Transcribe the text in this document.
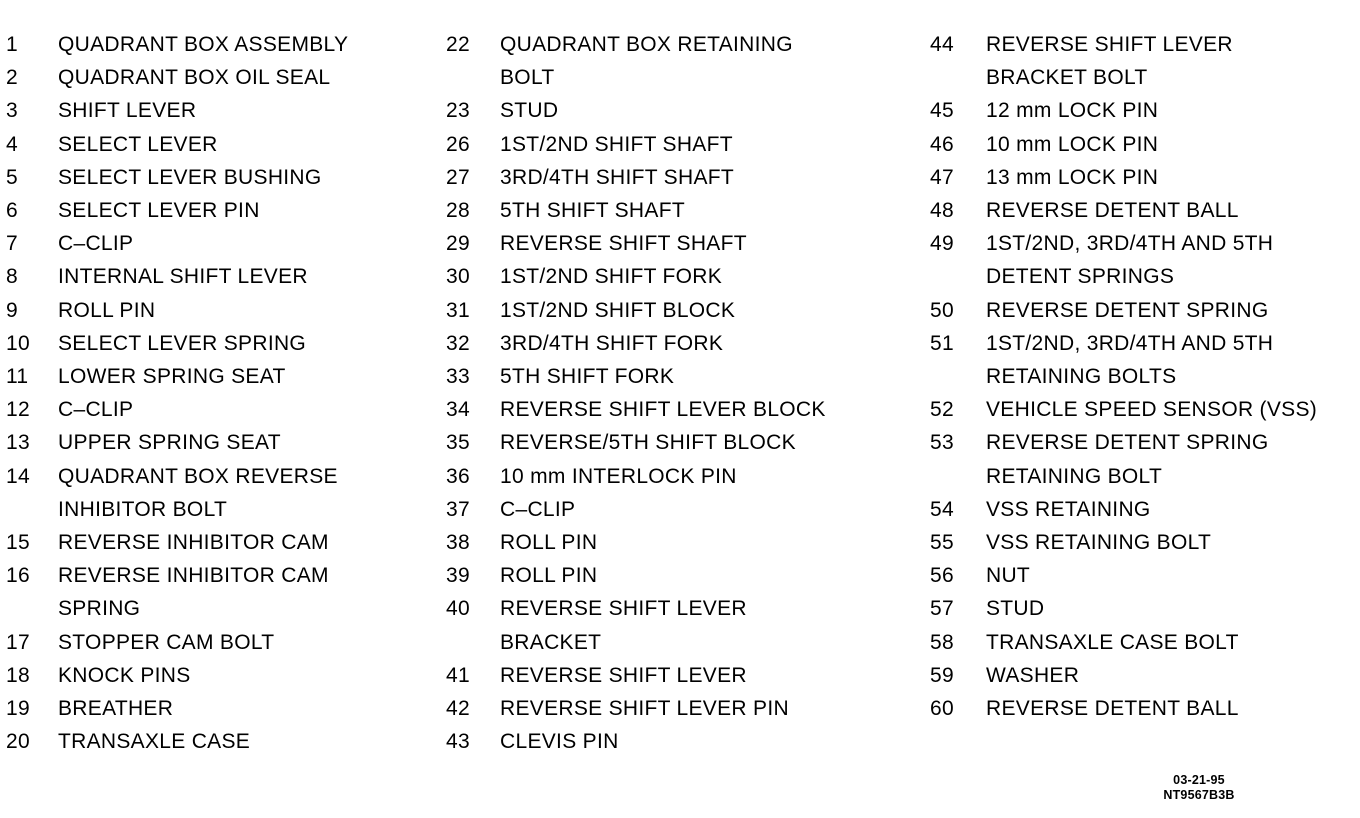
1	QUADRANT BOX ASSEMBLY
2	QUADRANT BOX OIL SEAL
3	SHIFT LEVER
4	SELECT LEVER
5	SELECT LEVER BUSHING
6	SELECT LEVER PIN
7	C–CLIP
8	INTERNAL SHIFT LEVER
9	ROLL PIN
10	SELECT LEVER SPRING
11	LOWER SPRING SEAT
12	C–CLIP
13	UPPER SPRING SEAT
14	QUADRANT BOX REVERSE
INHIBITOR BOLT
15	REVERSE INHIBITOR CAM
16	REVERSE INHIBITOR CAM
SPRING
17	STOPPER CAM BOLT
18	KNOCK PINS
19	BREATHER
20	TRANSAXLE CASE
22	QUADRANT BOX RETAINING
BOLT
23	STUD
26	1ST/2ND SHIFT SHAFT
27	3RD/4TH SHIFT SHAFT
28	5TH SHIFT SHAFT
29	REVERSE SHIFT SHAFT
30	1ST/2ND SHIFT FORK
31	1ST/2ND SHIFT BLOCK
32	3RD/4TH SHIFT FORK
33	5TH SHIFT FORK
34	REVERSE SHIFT LEVER BLOCK
35	REVERSE/5TH SHIFT BLOCK
36	10 mm INTERLOCK PIN
37	C–CLIP
38	ROLL PIN
39	ROLL PIN
40	REVERSE SHIFT LEVER
BRACKET
41	REVERSE SHIFT LEVER
42	REVERSE SHIFT LEVER PIN
43	CLEVIS PIN
44	REVERSE SHIFT LEVER
BRACKET BOLT
45	12 mm LOCK PIN
46	10 mm LOCK PIN
47	13 mm LOCK PIN
48	REVERSE DETENT BALL
49	1ST/2ND, 3RD/4TH AND 5TH
DETENT SPRINGS
50	REVERSE DETENT SPRING
51	1ST/2ND, 3RD/4TH AND 5TH
RETAINING BOLTS
52	VEHICLE SPEED SENSOR (VSS)
53	REVERSE DETENT SPRING
RETAINING BOLT
54	VSS RETAINING
55	VSS RETAINING BOLT
56	NUT
57	STUD
58	TRANSAXLE CASE BOLT
59	WASHER
60	REVERSE DETENT BALL
03-21-95
NT9567B3B
